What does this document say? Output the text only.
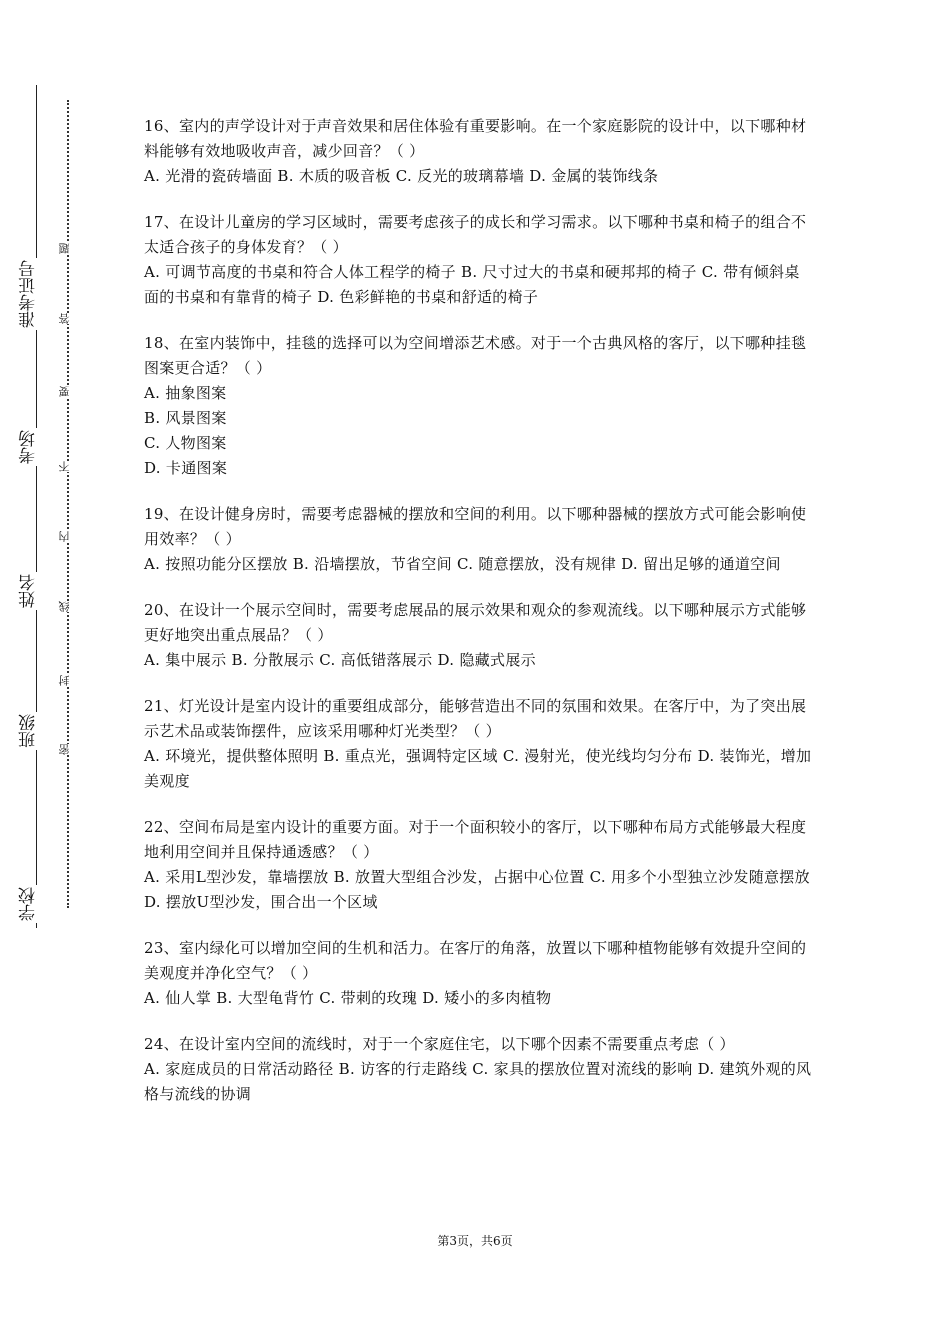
学校
班级
姓名
考场
准考证号
密
封
线
内
不
要
答
题

16、室内的声学设计对于声音效果和居住体验有重要影响。在一个家庭影院的设计中，以下哪种材料能够有效地吸收声音，减少回音？（ ）

A. 光滑的瓷砖墙面 B. 木质的吸音板 C. 反光的玻璃幕墙 D. 金属的装饰线条

17、在设计儿童房的学习区域时，需要考虑孩子的成长和学习需求。以下哪种书桌和椅子的组合不太适合孩子的身体发育？（ ）

A. 可调节高度的书桌和符合人体工程学的椅子 B. 尺寸过大的书桌和硬邦邦的椅子 C. 带有倾斜桌面的书桌和有靠背的椅子 D. 色彩鲜艳的书桌和舒适的椅子

18、在室内装饰中，挂毯的选择可以为空间增添艺术感。对于一个古典风格的客厅，以下哪种挂毯图案更合适？（ ）

A. 抽象图案

B. 风景图案

C. 人物图案

D. 卡通图案

19、在设计健身房时，需要考虑器械的摆放和空间的利用。以下哪种器械的摆放方式可能会影响使用效率？（ ）

A. 按照功能分区摆放 B. 沿墙摆放，节省空间 C. 随意摆放，没有规律 D. 留出足够的通道空间

20、在设计一个展示空间时，需要考虑展品的展示效果和观众的参观流线。以下哪种展示方式能够更好地突出重点展品？（ ）

A. 集中展示 B. 分散展示 C. 高低错落展示 D. 隐藏式展示

21、灯光设计是室内设计的重要组成部分，能够营造出不同的氛围和效果。在客厅中，为了突出展示艺术品或装饰摆件，应该采用哪种灯光类型？（ ）

A. 环境光，提供整体照明 B. 重点光，强调特定区域 C. 漫射光，使光线均匀分布 D. 装饰光，增加美观度

22、空间布局是室内设计的重要方面。对于一个面积较小的客厅，以下哪种布局方式能够最大程度地利用空间并且保持通透感？（ ）

A. 采用L型沙发，靠墙摆放 B. 放置大型组合沙发，占据中心位置 C. 用多个小型独立沙发随意摆放 D. 摆放U型沙发，围合出一个区域

23、室内绿化可以增加空间的生机和活力。在客厅的角落，放置以下哪种植物能够有效提升空间的美观度并净化空气？（ ）

A. 仙人掌 B. 大型龟背竹 C. 带刺的玫瑰 D. 矮小的多肉植物

24、在设计室内空间的流线时，对于一个家庭住宅，以下哪个因素不需要重点考虑（ ）

A. 家庭成员的日常活动路径 B. 访客的行走路线 C. 家具的摆放位置对流线的影响 D. 建筑外观的风格与流线的协调

第3页，共6页
